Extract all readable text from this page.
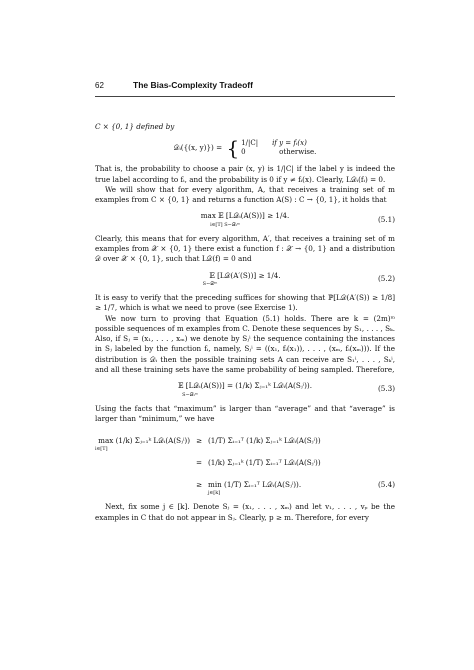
62	The Bias-Complexity Tradeoff

C × {0, 1} defined by

𝒟ᵢ({(x, y)}) = { 1/|C| if y = fᵢ(x)
0	otherwise.

That is, the probability to choose a pair (x, y) is 1/|C| if the label y is indeed the true label according to fᵢ, and the probability is 0 if y ≠ fᵢ(x). Clearly, L𝒟ᵢ(fᵢ) = 0.

We will show that for every algorithm, A, that receives a training set of m examples from C × {0, 1} and returns a function A(S) : C → {0, 1}, it holds that

max 𝔼 [L𝒟ᵢ(A(S))] ≥ 1/4.
i∈[T] S∼𝒟ᵢᵐ
(5.1)

Clearly, this means that for every algorithm, A′, that receives a training set of m examples from 𝒳 × {0, 1} there exist a function f : 𝒳 → {0, 1} and a distribution 𝒟 over 𝒳 × {0, 1}, such that L𝒟(f) = 0 and

𝔼 [L𝒟(A′(S))] ≥ 1/4.
S∼𝒟ᵐ
(5.2)

It is easy to verify that the preceding suffices for showing that ℙ[L𝒟(A′(S)) ≥ 1/8] ≥ 1/7, which is what we need to prove (see Exercise 1).

We now turn to proving that Equation (5.1) holds. There are k = (2m)ᵐ possible sequences of m examples from C. Denote these sequences by S₁, . . . , Sₖ. Also, if Sⱼ = (x₁, . . . , xₘ) we denote by Sⱼⁱ the sequence containing the instances in Sⱼ labeled by the function fᵢ, namely, Sⱼⁱ = ((x₁, fᵢ(x₁)), . . . , (xₘ, fᵢ(xₘ))). If the distribution is 𝒟ᵢ then the possible training sets A can receive are S₁ⁱ, . . . , Sₖⁱ, and all these training sets have the same probability of being sampled. Therefore,

𝔼 [L𝒟ᵢ(A(S))] = (1/k) Σⱼ₌₁ᵏ L𝒟ᵢ(A(Sⱼⁱ)).
S∼𝒟ᵢᵐ
(5.3)

Using the facts that “maximum” is larger than “average” and that “average” is larger than “minimum,” we have

max (1/k) Σⱼ₌₁ᵏ L𝒟ᵢ(A(Sⱼⁱ)) ≥ (1/T) Σᵢ₌₁ᵀ (1/k) Σⱼ₌₁ᵏ L𝒟ᵢ(A(Sⱼⁱ))
i∈[T]
= (1/k) Σⱼ₌₁ᵏ (1/T) Σᵢ₌₁ᵀ L𝒟ᵢ(A(Sⱼⁱ))
≥ min (1/T) Σᵢ₌₁ᵀ L𝒟ᵢ(A(Sⱼⁱ)).	(5.4)
j∈[k]

Next, fix some j ∈ [k]. Denote Sⱼ = (x₁, . . . , xₘ) and let v₁, . . . , vₚ be the examples in C that do not appear in Sⱼ. Clearly, p ≥ m. Therefore, for every
